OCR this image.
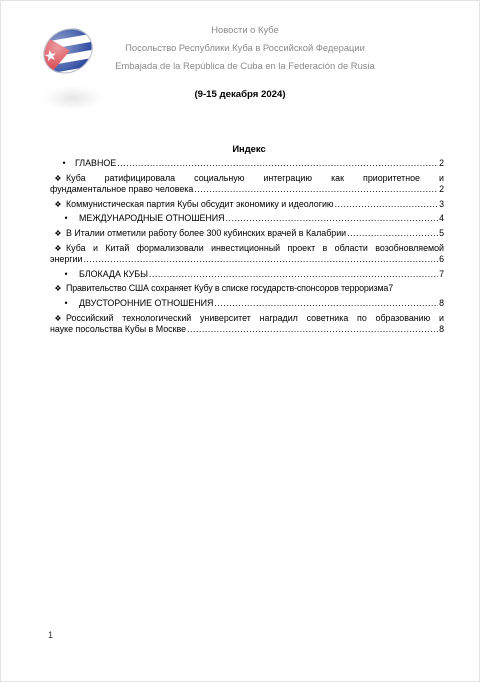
Новости о Кубе
Посольство Республики Куба в Российской Федерации
Embajada de la República de Cuba en la Federación de Rusia
(9-15 декабря 2024)
Индекс
•	ГЛАВНОЕ .....	2
❖ Куба ратифицировала социальную интеграцию как приоритетное и
фундаментальное право человека .....	2
❖ Коммунистическая партия Кубы обсудит экономику и идеологию .....	3
•	МЕЖДУНАРОДНЫЕ ОТНОШЕНИЯ .....	4
❖ В Италии отметили работу более 300 кубинских врачей в Калабрии .....	5
❖ Куба и Китай формализовали инвестиционный проект в области возобновляемой
энергии .....	6
•	БЛОКАДА КУБЫ .....	7
❖ Правительство США сохраняет Кубу в списке государств-спонсоров терроризма 7
•	ДВУСТОРОННИЕ ОТНОШЕНИЯ .....	8
❖ Российский технологический университет наградил советника по образованию и
науке посольства Кубы в Москве .....	8
1
